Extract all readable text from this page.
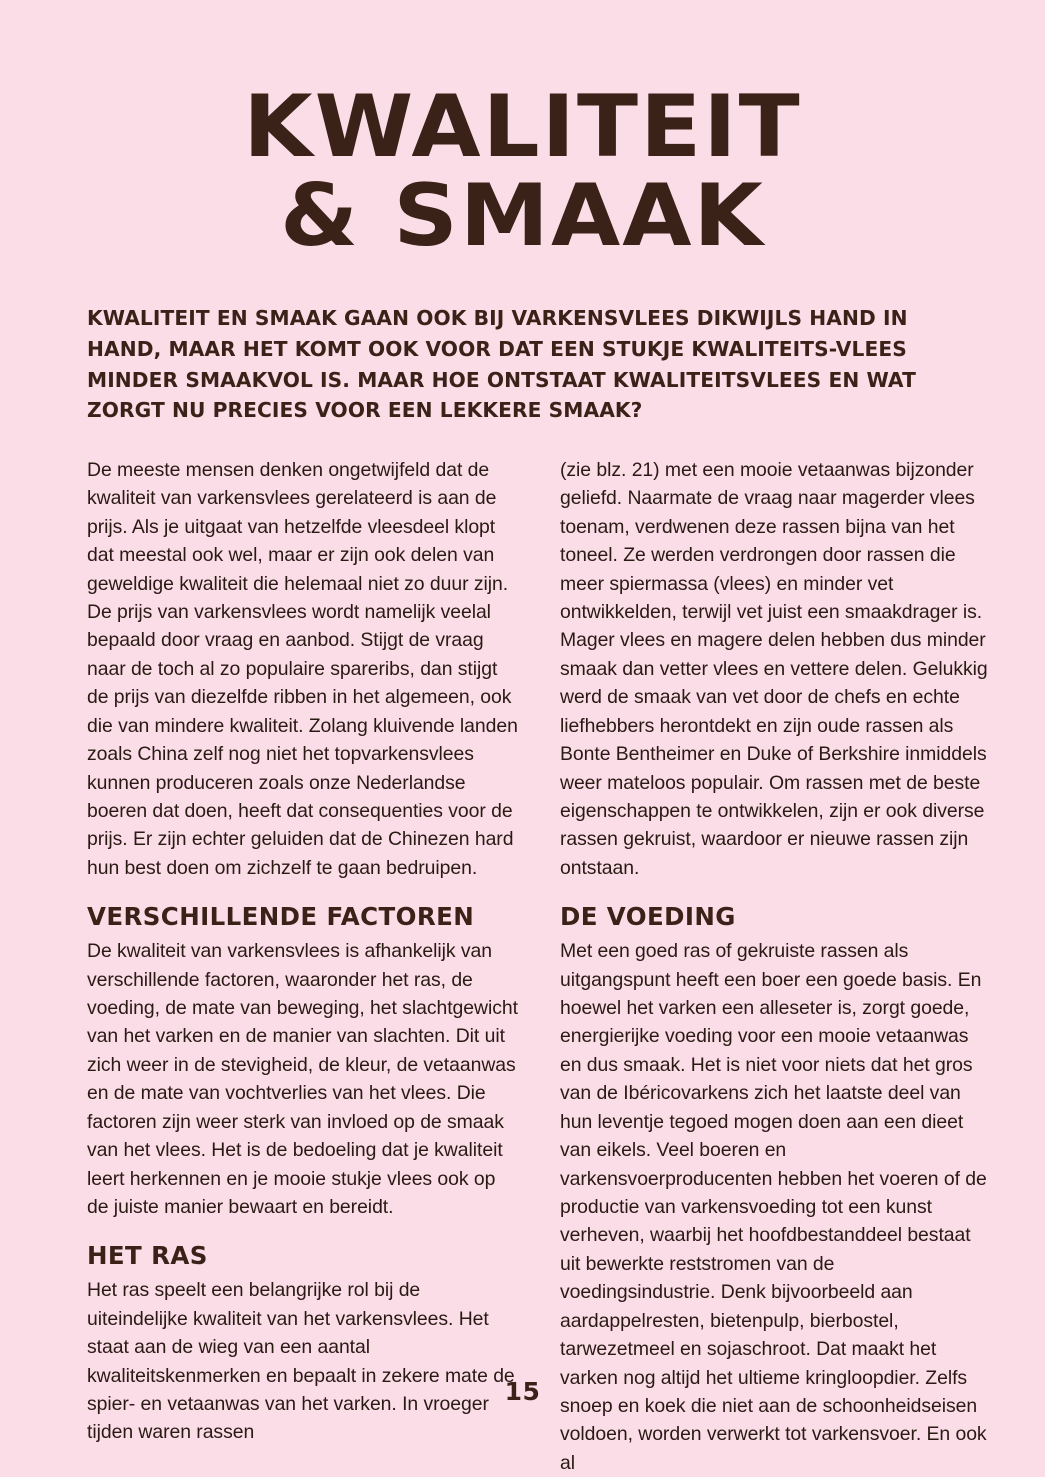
KWALITEIT
& SMAAK
KWALITEIT EN SMAAK GAAN OOK BIJ VARKENSVLEES DIKWIJLS HAND IN HAND, MAAR HET KOMT OOK VOOR DAT EEN STUKJE KWALITEITS-VLEES MINDER SMAAKVOL IS. MAAR HOE ONTSTAAT KWALITEITSVLEES EN WAT ZORGT NU PRECIES VOOR EEN LEKKERE SMAAK?

De meeste mensen denken ongetwijfeld dat de kwaliteit van varkensvlees gerelateerd is aan de prijs. Als je uitgaat van hetzelfde vleesdeel klopt dat meestal ook wel, maar er zijn ook delen van geweldige kwaliteit die helemaal niet zo duur zijn. De prijs van varkensvlees wordt namelijk veelal bepaald door vraag en aanbod. Stijgt de vraag naar de toch al zo populaire spareribs, dan stijgt de prijs van diezelfde ribben in het algemeen, ook die van mindere kwaliteit. Zolang kluivende landen zoals China zelf nog niet het topvarkensvlees kunnen produceren zoals onze Nederlandse boeren dat doen, heeft dat consequenties voor de prijs. Er zijn echter geluiden dat de Chinezen hard hun best doen om zichzelf te gaan bedruipen.

VERSCHILLENDE FACTOREN

De kwaliteit van varkensvlees is afhankelijk van verschillende factoren, waaronder het ras, de voeding, de mate van beweging, het slachtgewicht van het varken en de manier van slachten. Dit uit zich weer in de stevigheid, de kleur, de vetaanwas en de mate van vochtverlies van het vlees. Die factoren zijn weer sterk van invloed op de smaak van het vlees. Het is de bedoeling dat je kwaliteit leert herkennen en je mooie stukje vlees ook op de juiste manier bewaart en bereidt.

HET RAS

Het ras speelt een belangrijke rol bij de uiteindelijke kwaliteit van het varkensvlees. Het staat aan de wieg van een aantal kwaliteitskenmerken en bepaalt in zekere mate de spier- en vetaanwas van het varken. In vroeger tijden waren rassen

(zie blz. 21) met een mooie vetaanwas bijzonder geliefd. Naarmate de vraag naar magerder vlees toenam, verdwenen deze rassen bijna van het toneel. Ze werden verdrongen door rassen die meer spiermassa (vlees) en minder vet ontwikkelden, terwijl vet juist een smaakdrager is. Mager vlees en magere delen hebben dus minder smaak dan vetter vlees en vettere delen. Gelukkig werd de smaak van vet door de chefs en echte liefhebbers herontdekt en zijn oude rassen als Bonte Bentheimer en Duke of Berkshire inmiddels weer mateloos populair. Om rassen met de beste eigenschappen te ontwikkelen, zijn er ook diverse rassen gekruist, waardoor er nieuwe rassen zijn ontstaan.

DE VOEDING

Met een goed ras of gekruiste rassen als uitgangspunt heeft een boer een goede basis. En hoewel het varken een alleseter is, zorgt goede, energierijke voeding voor een mooie vetaanwas en dus smaak. Het is niet voor niets dat het gros van de Ibéricovarkens zich het laatste deel van hun leventje tegoed mogen doen aan een dieet van eikels. Veel boeren en varkensvoerproducenten hebben het voeren of de productie van varkensvoeding tot een kunst verheven, waarbij het hoofdbestanddeel bestaat uit bewerkte reststromen van de voedingsindustrie. Denk bijvoorbeeld aan aardappelresten, bietenpulp, bierbostel, tarwezetmeel en sojaschroot. Dat maakt het varken nog altijd het ultieme kringloopdier. Zelfs snoep en koek die niet aan de schoonheidseisen voldoen, worden verwerkt tot varkensvoer. En ook al

15
